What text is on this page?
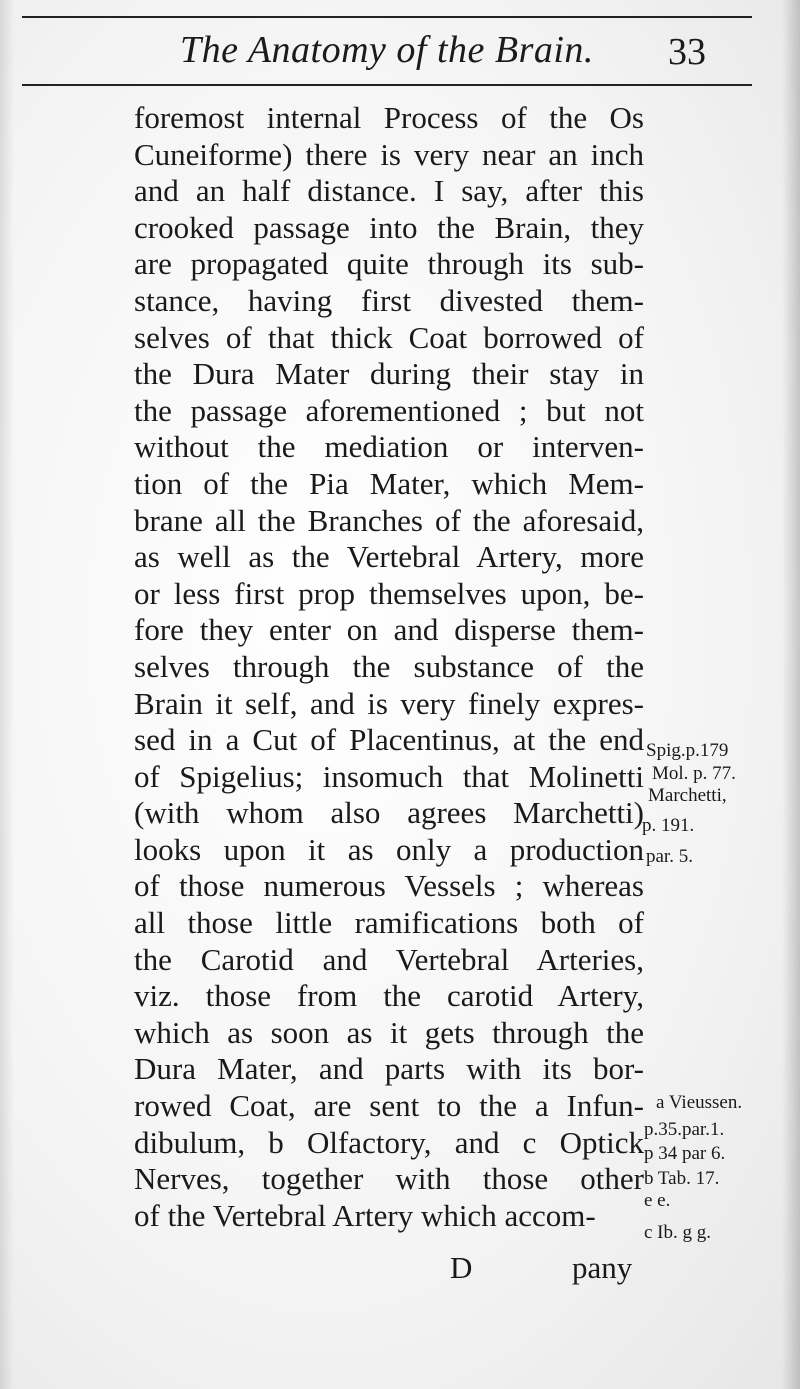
The Anatomy of the Brain. 33
foremost internal Process of the Os
Cuneiforme) there is very near an inch
and an half distance. I say, after this
crooked passage into the Brain, they
are propagated quite through its sub-
stance, having first divested them-
selves of that thick Coat borrowed of
the Dura Mater during their stay in
the passage aforementioned ; but not
without the mediation or interven-
tion of the Pia Mater, which Mem-
brane all the Branches of the aforesaid,
as well as the Vertebral Artery, more
or less first prop themselves upon, be-
fore they enter on and disperse them-
selves through the substance of the
Brain it self, and is very finely expres-
sed in a Cut of Placentinus, at the end
of Spigelius; insomuch that Molinetti
(with whom also agrees Marchetti)
looks upon it as only a production
of those numerous Vessels ; whereas
all those little ramifications both of
the Carotid and Vertebral Arteries,
viz. those from the carotid Artery,
which as soon as it gets through the
Dura Mater, and parts with its bor-
rowed Coat, are sent to the a Infun-
dibulum, b Olfactory, and c Optick
Nerves, together with those other
of the Vertebral Artery which accom-
Spig.p.179
Mol. p. 77.
Marchetti,
p. 191.
par. 5.
a Vieussen.
p.35.par.1.
p 34 par 6.
b Tab. 17.
e e.
c Ib. g g.
D	pany
